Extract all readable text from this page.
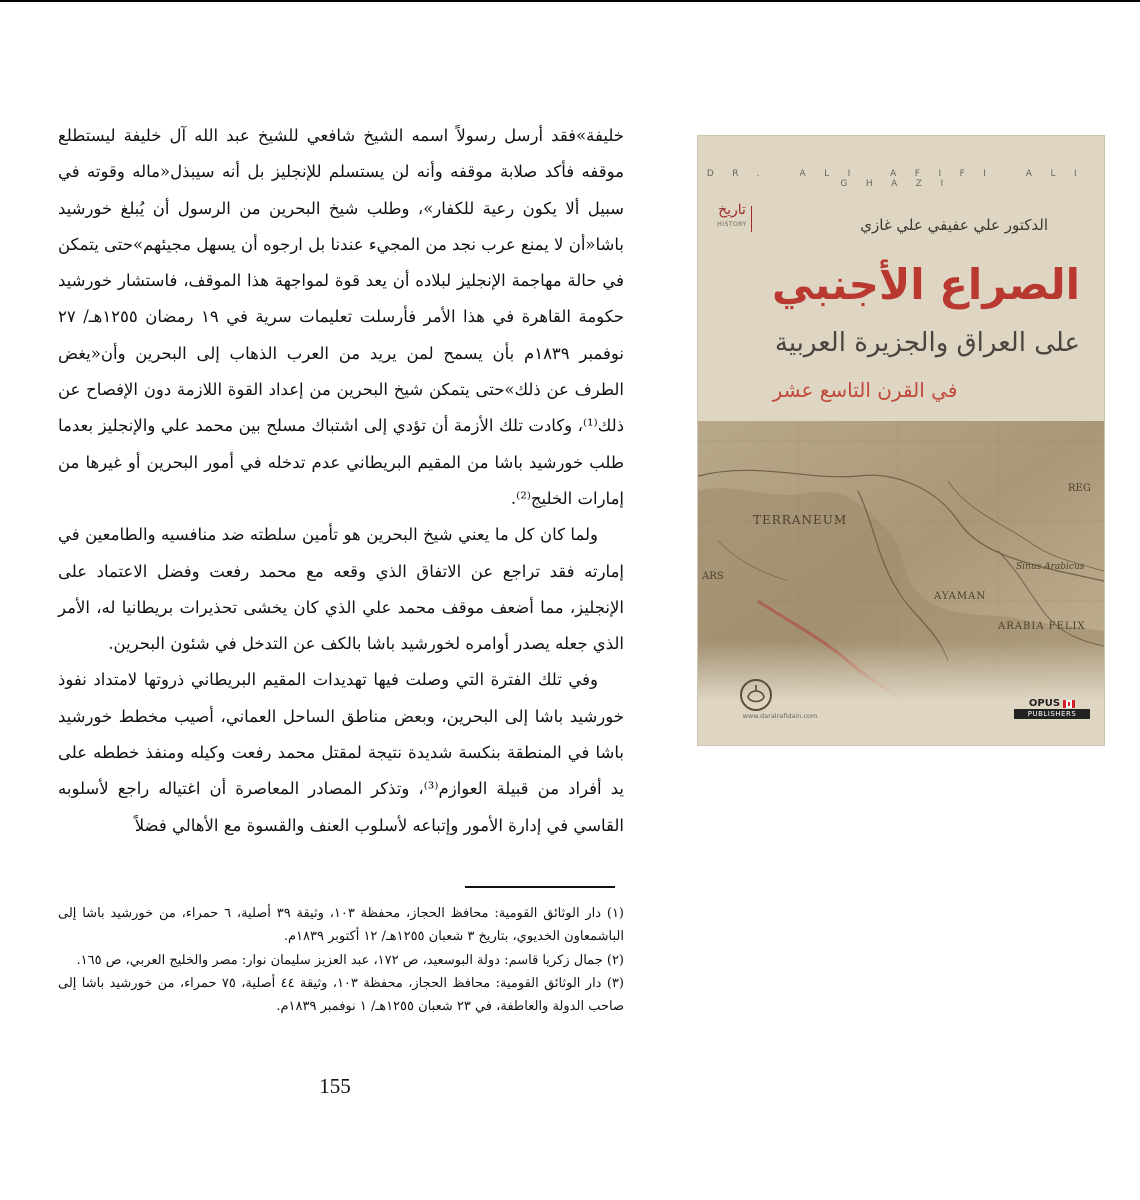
خليفة»فقد أرسل رسولاً اسمه الشيخ شافعي للشيخ عبد الله آل خليفة ليستطلع موقفه فأكد صلابة موقفه وأنه لن يستسلم للإنجليز بل أنه سيبذل«ماله وقوته في سبيل ألا يكون رعية للكفار»، وطلب شيخ البحرين من الرسول أن يُبلغ خورشيد باشا«أن لا يمنع عرب نجد من المجيء عندنا بل ارجوه أن يسهل مجيئهم»حتى يتمكن في حالة مهاجمة الإنجليز لبلاده أن يعد قوة لمواجهة هذا الموقف، فاستشار خورشيد حكومة القاهرة في هذا الأمر فأرسلت تعليمات سرية في ١٩ رمضان ١٢٥٥هـ/ ٢٧ نوفمبر ١٨٣٩م بأن يسمح لمن يريد من العرب الذهاب إلى البحرين وأن«يغض الطرف عن ذلك»حتى يتمكن شيخ البحرين من إعداد القوة اللازمة دون الإفصاح عن ذلك⁽¹⁾، وكادت تلك الأزمة أن تؤدي إلى اشتباك مسلح بين محمد علي والإنجليز بعدما طلب خورشيد باشا من المقيم البريطاني عدم تدخله في أمور البحرين أو غيرها من إمارات الخليج⁽²⁾.

ولما كان كل ما يعني شيخ البحرين هو تأمين سلطته ضد منافسيه والطامعين في إمارته فقد تراجع عن الاتفاق الذي وقعه مع محمد رفعت وفضل الاعتماد على الإنجليز، مما أضعف موقف محمد علي الذي كان يخشى تحذيرات بريطانيا له، الأمر الذي جعله يصدر أوامره لخورشيد باشا بالكف عن التدخل في شئون البحرين.

وفي تلك الفترة التي وصلت فيها تهديدات المقيم البريطاني ذروتها لامتداد نفوذ خورشيد باشا إلى البحرين، وبعض مناطق الساحل العماني، أصيب مخطط خورشيد باشا في المنطقة بنكسة شديدة نتيجة لمقتل محمد رفعت وكيله ومنفذ خططه على يد أفراد من قبيلة العوازم⁽³⁾، وتذكر المصادر المعاصرة أن اغتياله راجع لأسلوبه القاسي في إدارة الأمور وإتباعه لأسلوب العنف والقسوة مع الأهالي فضلاً

(١) دار الوثائق القومية: محافظ الحجاز، محفظة ١٠٣، وثيقة ٣٩ أصلية، ٦ حمراء، من خورشيد باشا إلى الباشمعاون الخديوي، بتاريخ ٣ شعبان ١٢٥٥هـ/ ١٢ أكتوبر ١٨٣٩م.

(٢) جمال زكريا قاسم: دولة البوسعيد، ص ١٧٢، عبد العزيز سليمان نوار: مصر والخليج العربي، ص ١٦٥.

(٣) دار الوثائق القومية: محافظ الحجاز، محفظة ١٠٣، وثيقة ٤٤ أصلية، ٧٥ حمراء، من خورشيد باشا إلى صاحب الدولة والعاطفة، في ٢٣ شعبان ١٢٥٥هـ/ ١ نوفمبر ١٨٣٩م.

155
DR. ALI AFIFI ALI GHAZI
تاريخ
HISTORY	الدكتور علي عفيفي علي غازي
الصراع الأجنبي
على العراق والجزيرة العربية
في القرن التاسع عشر
TERRANEUM
Sinus Arabicus
AYAMAN
ARABIA FELIX
ARS
REG
www.daralrafidain.com
OPUS
PUBLISHERS
